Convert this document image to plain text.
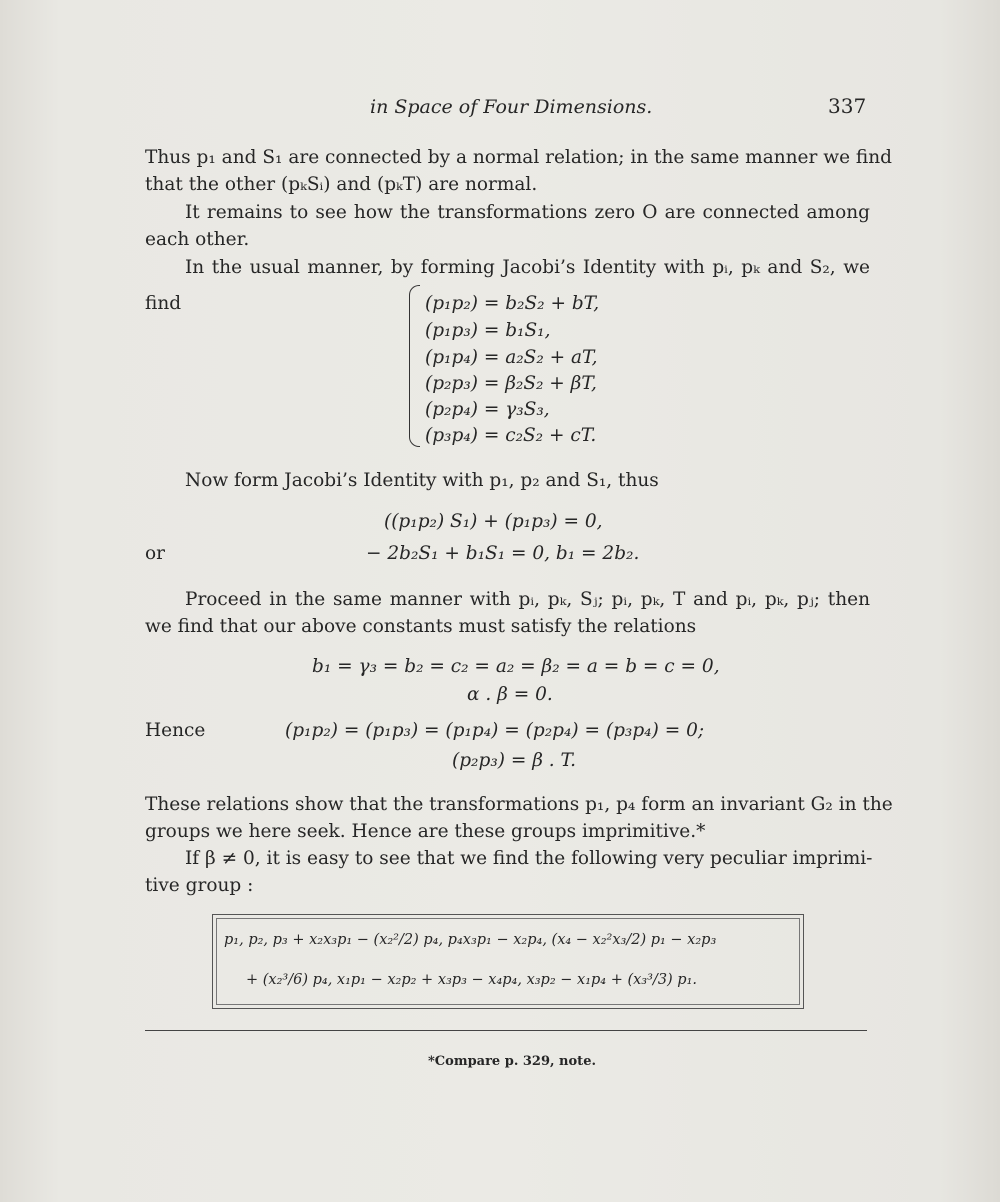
in Space of Four Dimensions.	337
Thus p₁ and S₁ are connected by a normal relation; in the same manner we find
that the other (pₖSᵢ) and (pₖT) are normal.
It remains to see how the transformations zero O are connected among
each other.
In the usual manner, by forming Jacobi’s Identity with pᵢ, pₖ and S₂, we
find	(p₁p₂) = b₂S₂ + bT,
(p₁p₃) = b₁S₁,
(p₁p₄) = a₂S₂ + aT,
(p₂p₃) = β₂S₂ + βT,
(p₂p₄) = γ₃S₃,
(p₃p₄) = c₂S₂ + cT.
Now form Jacobi’s Identity with p₁, p₂ and S₁, thus
((p₁p₂) S₁) + (p₁p₃) = 0,
or	− 2b₂S₁ + b₁S₁ = 0, b₁ = 2b₂.
Proceed in the same manner with pᵢ, pₖ, Sⱼ; pᵢ, pₖ, T and pᵢ, pₖ, pⱼ; then
we find that our above constants must satisfy the relations
b₁ = γ₃ = b₂ = c₂ = a₂ = β₂ = a = b = c = 0,
α . β = 0.
Hence	(p₁p₂) = (p₁p₃) = (p₁p₄) = (p₂p₄) = (p₃p₄) = 0;
(p₂p₃) = β . T.
These relations show that the transformations p₁, p₄ form an invariant G₂ in the
groups we here seek. Hence are these groups imprimitive.*
If β ≠ 0, it is easy to see that we find the following very peculiar imprimi-
tive group :
p₁, p₂, p₃ + x₂x₃p₁ − (x₂²/2) p₄, p₄x₃p₁ − x₂p₄, (x₄ − x₂²x₃/2) p₁ − x₂p₃
+ (x₂³/6) p₄, x₁p₁ − x₂p₂ + x₃p₃ − x₄p₄, x₃p₂ − x₁p₄ + (x₃³/3) p₁.
*Compare p. 329, note.
